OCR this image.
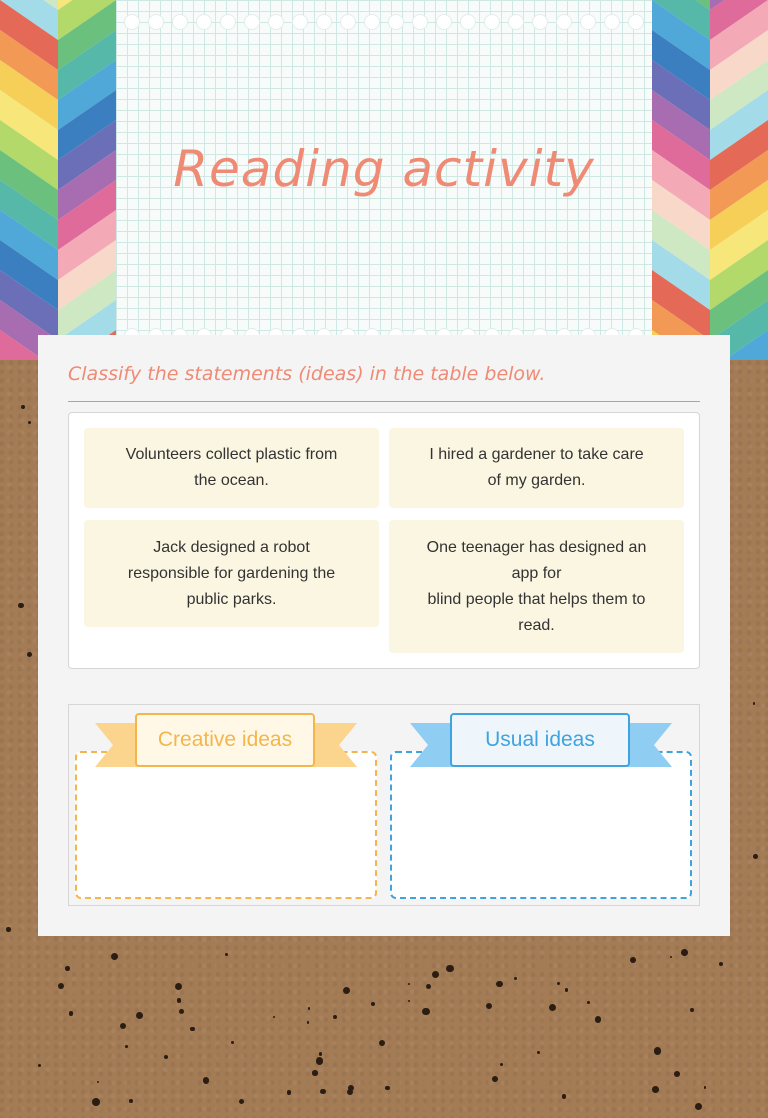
Reading activity
Classify the statements (ideas) in the table below.
Volunteers collect plastic from
the ocean.
I hired a gardener to take care
of my garden.
Jack designed a robot
responsible for gardening the
public parks.
One teenager has designed an
app for
blind people that helps them to
read.
Creative ideas	Usual ideas
